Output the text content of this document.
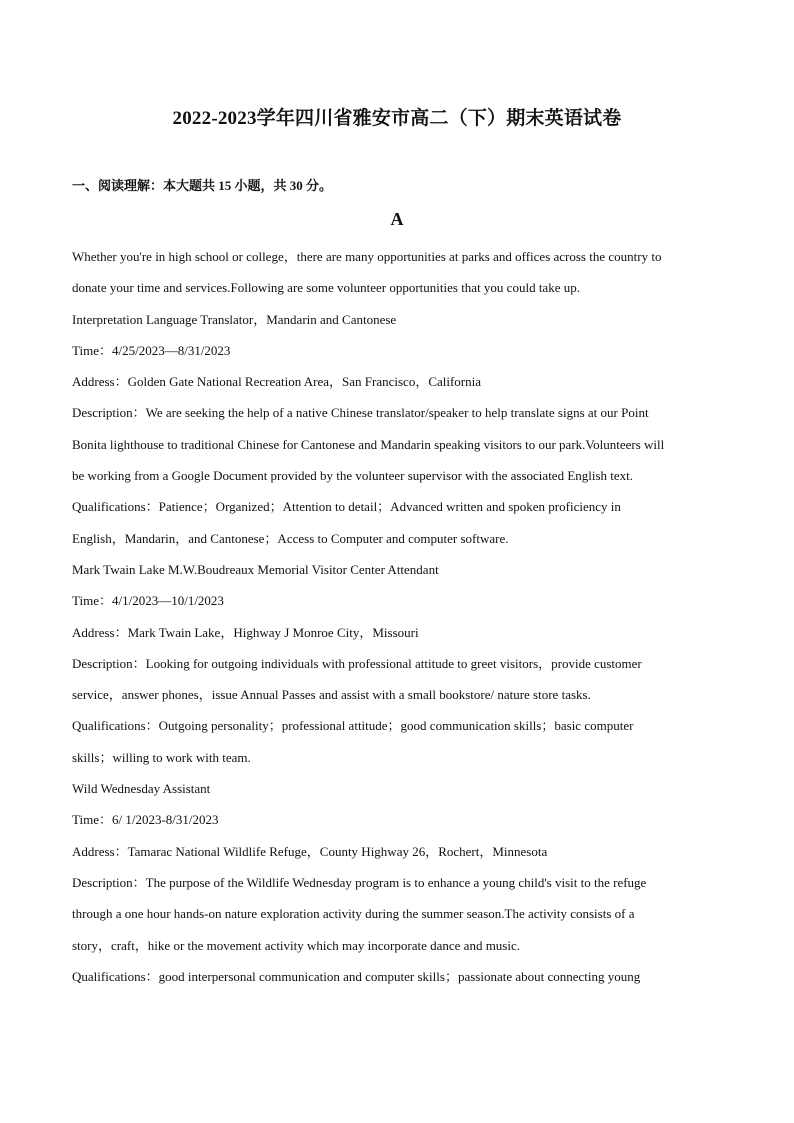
2022-2023学年四川省雅安市高二（下）期末英语试卷
一、阅读理解：本大题共 15 小题，共 30 分。
A
Whether you're in high school or college，there are many opportunities at parks and offices across the country to
donate your time and services.Following are some volunteer opportunities that you could take up.
Interpretation Language Translator，Mandarin and Cantonese
Time：4/25/2023—8/31/2023
Address：Golden Gate National Recreation Area，San Francisco，California
Description：We are seeking the help of a native Chinese translator/speaker to help translate signs at our Point
Bonita lighthouse to traditional Chinese for Cantonese and Mandarin speaking visitors to our park.Volunteers will
be working from a Google Document provided by the volunteer supervisor with the associated English text.
Qualifications：Patience；Organized；Attention to detail；Advanced written and spoken proficiency in
English，Mandarin，and Cantonese；Access to Computer and computer software.
Mark Twain Lake M.W.Boudreaux Memorial Visitor Center Attendant
Time：4/1/2023—10/1/2023
Address：Mark Twain Lake，Highway J Monroe City，Missouri
Description：Looking for outgoing individuals with professional attitude to greet visitors，provide customer
service，answer phones，issue Annual Passes and assist with a small bookstore/ nature store tasks.
Qualifications：Outgoing personality；professional attitude；good communication skills；basic computer
skills；willing to work with team.
Wild Wednesday Assistant
Time：6/ 1/2023-8/31/2023
Address：Tamarac National Wildlife Refuge，County Highway 26，Rochert，Minnesota
Description：The purpose of the Wildlife Wednesday program is to enhance a young child's visit to the refuge
through a one hour hands-on nature exploration activity during the summer season.The activity consists of a
story，craft，hike or the movement activity which may incorporate dance and music.
Qualifications：good interpersonal communication and computer skills；passionate about connecting young
